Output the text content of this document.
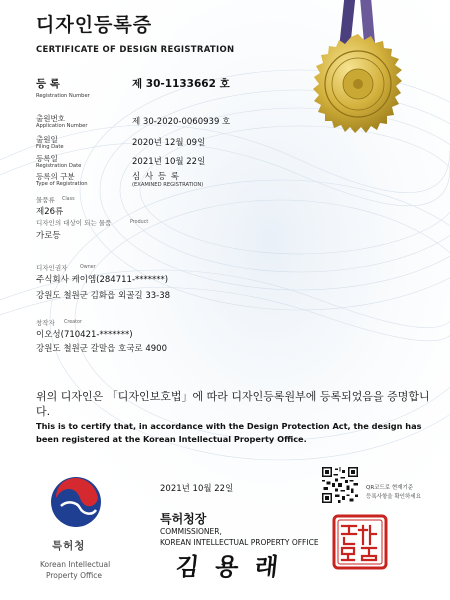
디자인등록증
CERTIFICATE OF DESIGN REGISTRATION
등 록
Registration Number
제 30-1133662 호
출원번호
Application Number	제 30-2020-0060939 호
출원일
Filing Date	2020년 12월 09일
등록일
Registration Date	2021년 10월 22일
등록의 구분
Type of Registration
심 사 등 록
(EXAMINED REGISTRATION)
물품류 Class
제26류
디자인의 대상이 되는 물품	Product
가로등
디자인권자	Owner
주식회사 케이엠(284711-*******)
강원도 철원군 김화읍 외골길 33-38
창작자 Creator
이오성(710421-*******)
강원도 철원군 갈말읍 호국로 4900
위의 디자인은 「디자인보호법」에 따라 디자인등록원부에 등록되었음을 증명합니다.
This is to certify that, in accordance with the Design Protection Act, the design has been registered at the Korean Intellectual Property Office.
특허청
Korean Intellectual
Property Office
2021년 10월 22일	QR코드로 현재기준
등록사항을 확인하세요
특허청장
COMMISSIONER,
KOREAN INTELLECTUAL PROPERTY OFFICE
김 용 래
